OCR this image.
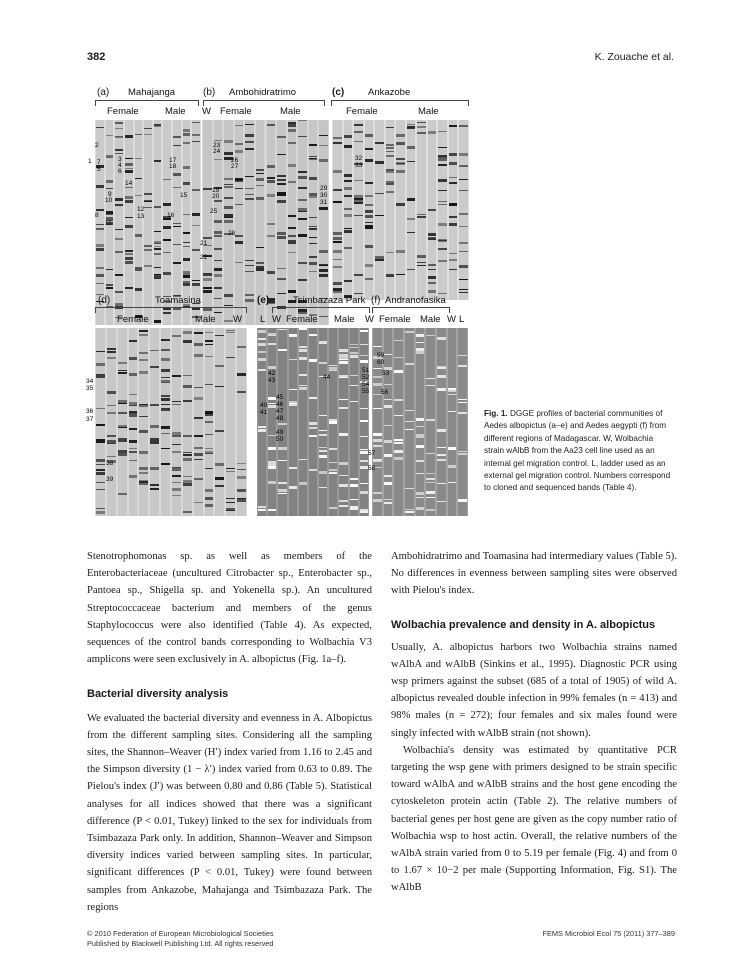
382	K. Zouache et al.
(a) Mahajanga	(b) Ambohidratrimo	(c)	Ankazobe
Female	Male W Female	Male	Female	Male
(d)	Toamasina	(e)	Tsimbazaza Park (f) Andranofasika
Female	Male W L W Female Male W Female Male W L
1
2
3
4
5	6
7
8
9
10
11
12
13
14
15
16
17
18
19
20
21
22
23
24
25
26
27
28
29
30
31
32
33
34
35
36
37
38
39
40
41
42
43	44
45
46
47
48
49
50
51
52
53
54
55 56
57
58
59
60
Fig. 1. DGGE profiles of bacterial communities of Aedes albopictus (a–e) and Aedes aegypti (f) from different regions of Madagascar. W, Wolbachia strain wAlbB from the Aa23 cell line used as an internal gel migration control. L, ladder used as an external gel migration control. Numbers correspond to cloned and sequenced bands (Table 4).

Stenotrophomonas sp. as well as members of the Enterobacteriaceae (uncultured Citrobacter sp., Enterobacter sp., Pantoea sp., Shigella sp. and Yokenella sp.). An uncultured Streptococcaceae bacterium and members of the genus Staphylococcus were also identified (Table 4). As expected, sequences of the control bands corresponding to Wolbachia V3 amplicons were seen exclusively in A. albopictus (Fig. 1a–f).

Bacterial diversity analysis

We evaluated the bacterial diversity and evenness in A. Albopictus from the different sampling sites. Considering all the sampling sites, the Shannon–Weaver (H′) index varied from 1.16 to 2.45 and the Simpson diversity (1 − λ′) index varied from 0.63 to 0.89. The Pielou's index (J′) was between 0.80 and 0.86 (Table 5). Statistical analyses for all indices showed that there was a significant difference (P < 0.01, Tukey) linked to the sex for individuals from Tsimbazaza Park only. In addition, Shannon–Weaver and Simpson diversity indices varied between sampling sites. In particular, significant differences (P < 0.01, Tukey) were found between samples from Ankazobe, Mahajanga and Tsimbazaza Park. The regions

Ambohidratrimo and Toamasina had intermediary values (Table 5). No differences in evenness between sampling sites were observed with Pielou's index.

Wolbachia prevalence and density in A. albopictus

Usually, A. albopictus harbors two Wolbachia strains named wAlbA and wAlbB (Sinkins et al., 1995). Diagnostic PCR using wsp primers against the subset (685 of a total of 1905) of wild A. albopictus revealed double infection in 99% females (n = 413) and 98% males (n = 272); four females and six males found were singly infected with wAlbB strain (not shown).

Wolbachia's density was estimated by quantitative PCR targeting the wsp gene with primers designed to be strain specific toward wAlbA and wAlbB strains and the host gene encoding the cytoskeleton protein actin (Table 2). The relative numbers of bacterial genes per host gene are given as the copy number ratio of Wolbachia wsp to host actin. Overall, the relative numbers of the wAlbA strain varied from 0 to 5.19 per female (Fig. 4) and from 0 to 1.67 × 10−2 per male (Supporting Information, Fig. S1). The wAlbB

© 2010 Federation of European Microbiological Societies
Published by Blackwell Publishing Ltd. All rights reserved
FEMS Microbiol Ecol 75 (2011) 377–389
